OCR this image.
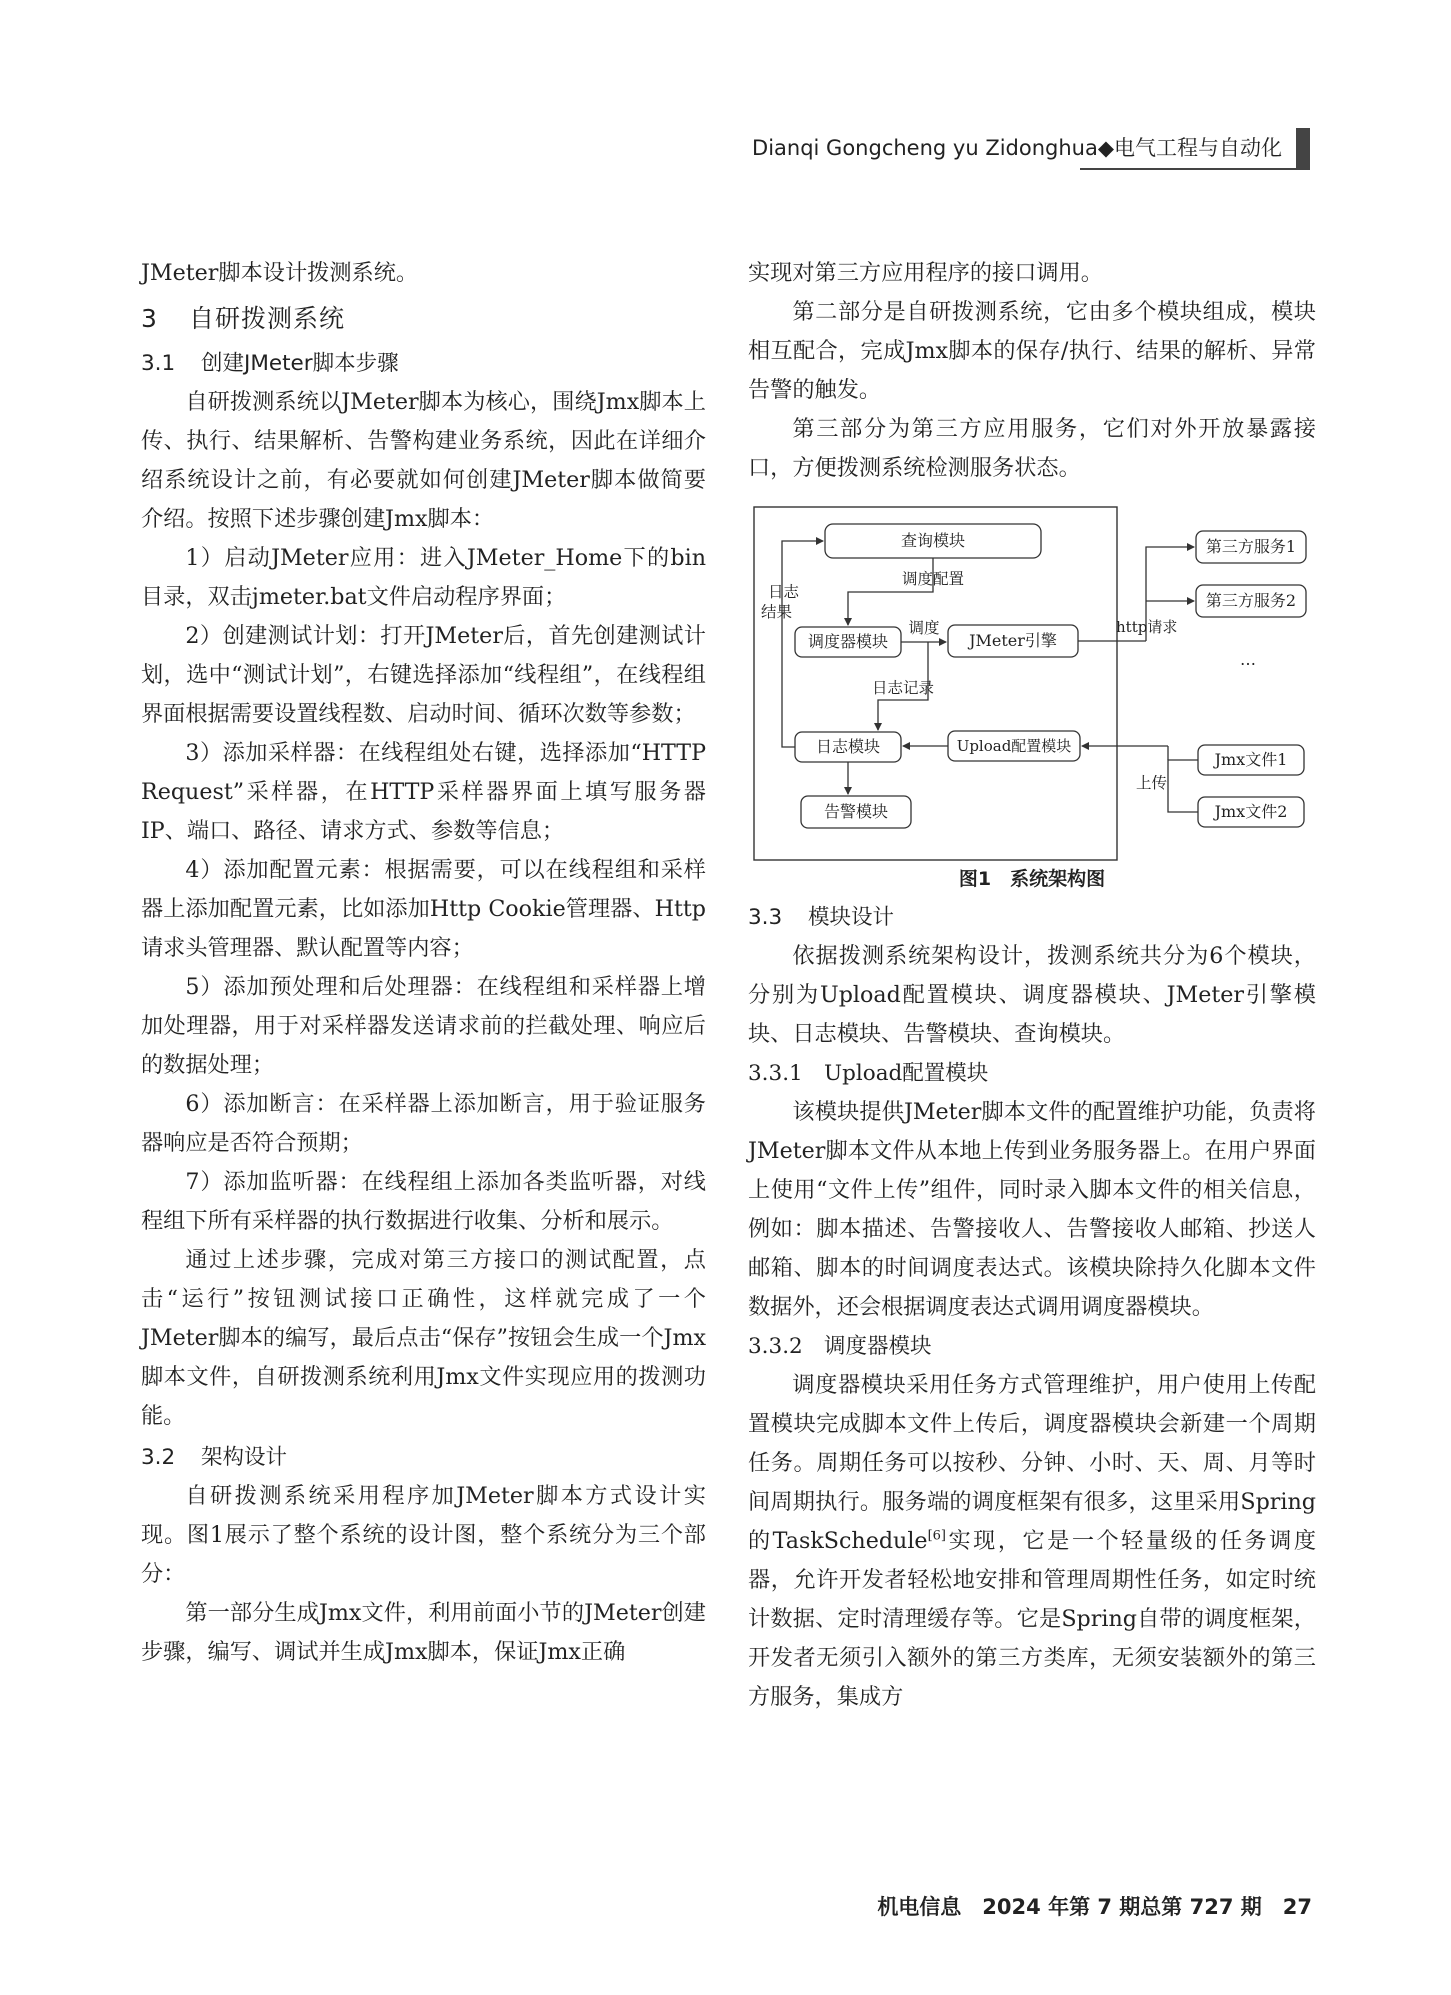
Dianqi Gongcheng yu Zidonghua◆电气工程与自动化

JMeter脚本设计拨测系统。

3 自研拨测系统
3.1 创建JMeter脚本步骤

自研拨测系统以JMeter脚本为核心，围绕Jmx脚本上传、执行、结果解析、告警构建业务系统，因此在详细介绍系统设计之前，有必要就如何创建JMeter脚本做简要介绍。按照下述步骤创建Jmx脚本：

1）启动JMeter应用：进入JMeter_Home下的bin目录，双击jmeter.bat文件启动程序界面；

2）创建测试计划：打开JMeter后，首先创建测试计划，选中“测试计划”，右键选择添加“线程组”，在线程组界面根据需要设置线程数、启动时间、循环次数等参数；

3）添加采样器：在线程组处右键，选择添加“HTTP Request”采样器，在HTTP采样器界面上填写服务器IP、端口、路径、请求方式、参数等信息；

4）添加配置元素：根据需要，可以在线程组和采样器上添加配置元素，比如添加Http Cookie管理器、Http请求头管理器、默认配置等内容；

5）添加预处理和后处理器：在线程组和采样器上增加处理器，用于对采样器发送请求前的拦截处理、响应后的数据处理；

6）添加断言：在采样器上添加断言，用于验证服务器响应是否符合预期；

7）添加监听器：在线程组上添加各类监听器，对线程组下所有采样器的执行数据进行收集、分析和展示。

通过上述步骤，完成对第三方接口的测试配置，点击“运行”按钮测试接口正确性，这样就完成了一个JMeter脚本的编写，最后点击“保存”按钮会生成一个Jmx脚本文件，自研拨测系统利用Jmx文件实现应用的拨测功能。

3.2 架构设计

自研拨测系统采用程序加JMeter脚本方式设计实现。图1展示了整个系统的设计图，整个系统分为三个部分：

第一部分生成Jmx文件，利用前面小节的JMeter创建步骤，编写、调试并生成Jmx脚本，保证Jmx正确

实现对第三方应用程序的接口调用。

第二部分是自研拨测系统，它由多个模块组成，模块相互配合，完成Jmx脚本的保存/执行、结果的解析、异常告警的触发。

第三部分为第三方应用服务，它们对外开放暴露接口，方便拨测系统检测服务状态。

查询模块
调度器模块	JMeter引擎
日志模块	Upload配置模块
告警模块
第三方服务1
第三方服务2
Jmx文件1
Jmx文件2
调度配置
日志
结果
调度
日志记录
http请求
上传
…

图1　系统架构图

3.3 模块设计

依据拨测系统架构设计，拨测系统共分为6个模块，分别为Upload配置模块、调度器模块、JMeter引擎模块、日志模块、告警模块、查询模块。

3.3.1 Upload配置模块

该模块提供JMeter脚本文件的配置维护功能，负责将JMeter脚本文件从本地上传到业务服务器上。在用户界面上使用“文件上传”组件，同时录入脚本文件的相关信息，例如：脚本描述、告警接收人、告警接收人邮箱、抄送人邮箱、脚本的时间调度表达式。该模块除持久化脚本文件数据外，还会根据调度表达式调用调度器模块。

3.3.2 调度器模块

调度器模块采用任务方式管理维护，用户使用上传配置模块完成脚本文件上传后，调度器模块会新建一个周期任务。周期任务可以按秒、分钟、小时、天、周、月等时间周期执行。服务端的调度框架有很多，这里采用Spring的TaskSchedule[6]实现，它是一个轻量级的任务调度器，允许开发者轻松地安排和管理周期性任务，如定时统计数据、定时清理缓存等。它是Spring自带的调度框架，开发者无须引入额外的第三方类库，无须安装额外的第三方服务，集成方

机电信息　2024 年第 7 期总第 727 期　27
